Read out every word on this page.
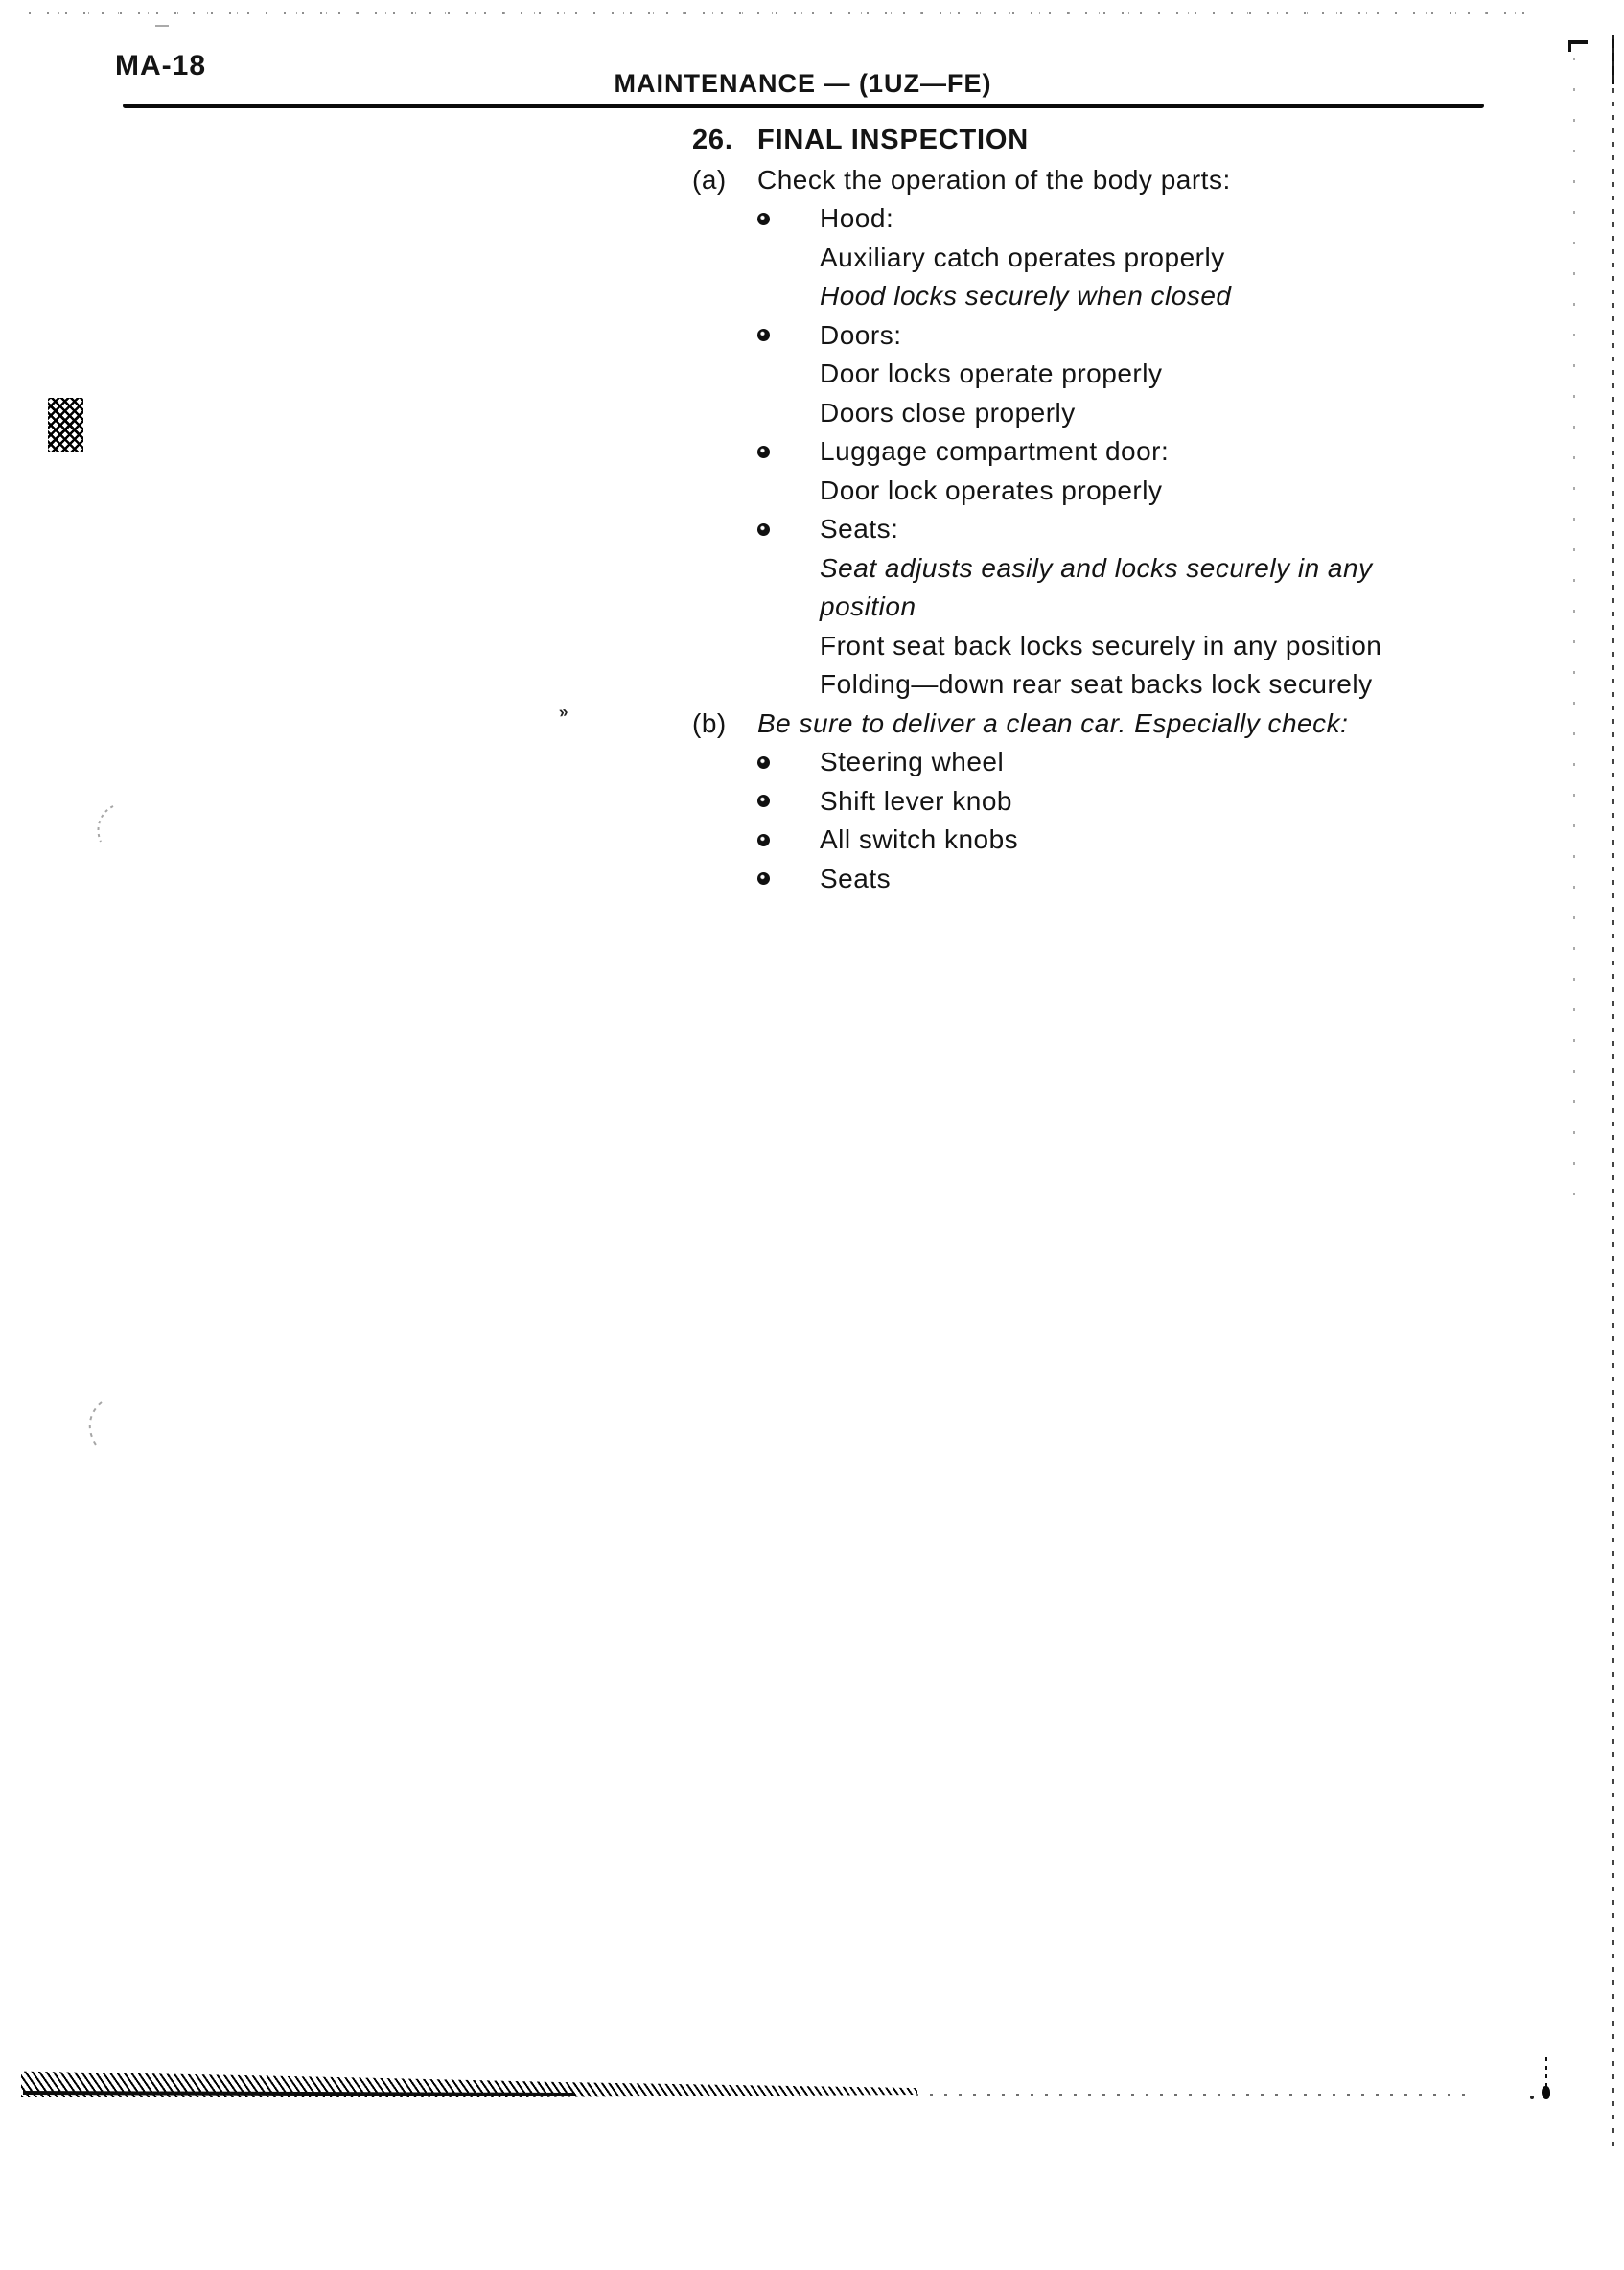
MA-18
MAINTENANCE — (1UZ—FE)
26. FINAL INSPECTION
(a)	Check the operation of the body parts:
Hood:
Auxiliary catch operates properly
Hood locks securely when closed
Doors:
Door locks operate properly
Doors close properly
Luggage compartment door:
Door lock operates properly
Seats:
Seat adjusts easily and locks securely in any
position
Front seat back locks securely in any position
Folding—down rear seat backs lock securely
(b)	Be sure to deliver a clean car. Especially check:
Steering wheel
Shift lever knob
All switch knobs
Seats
»
